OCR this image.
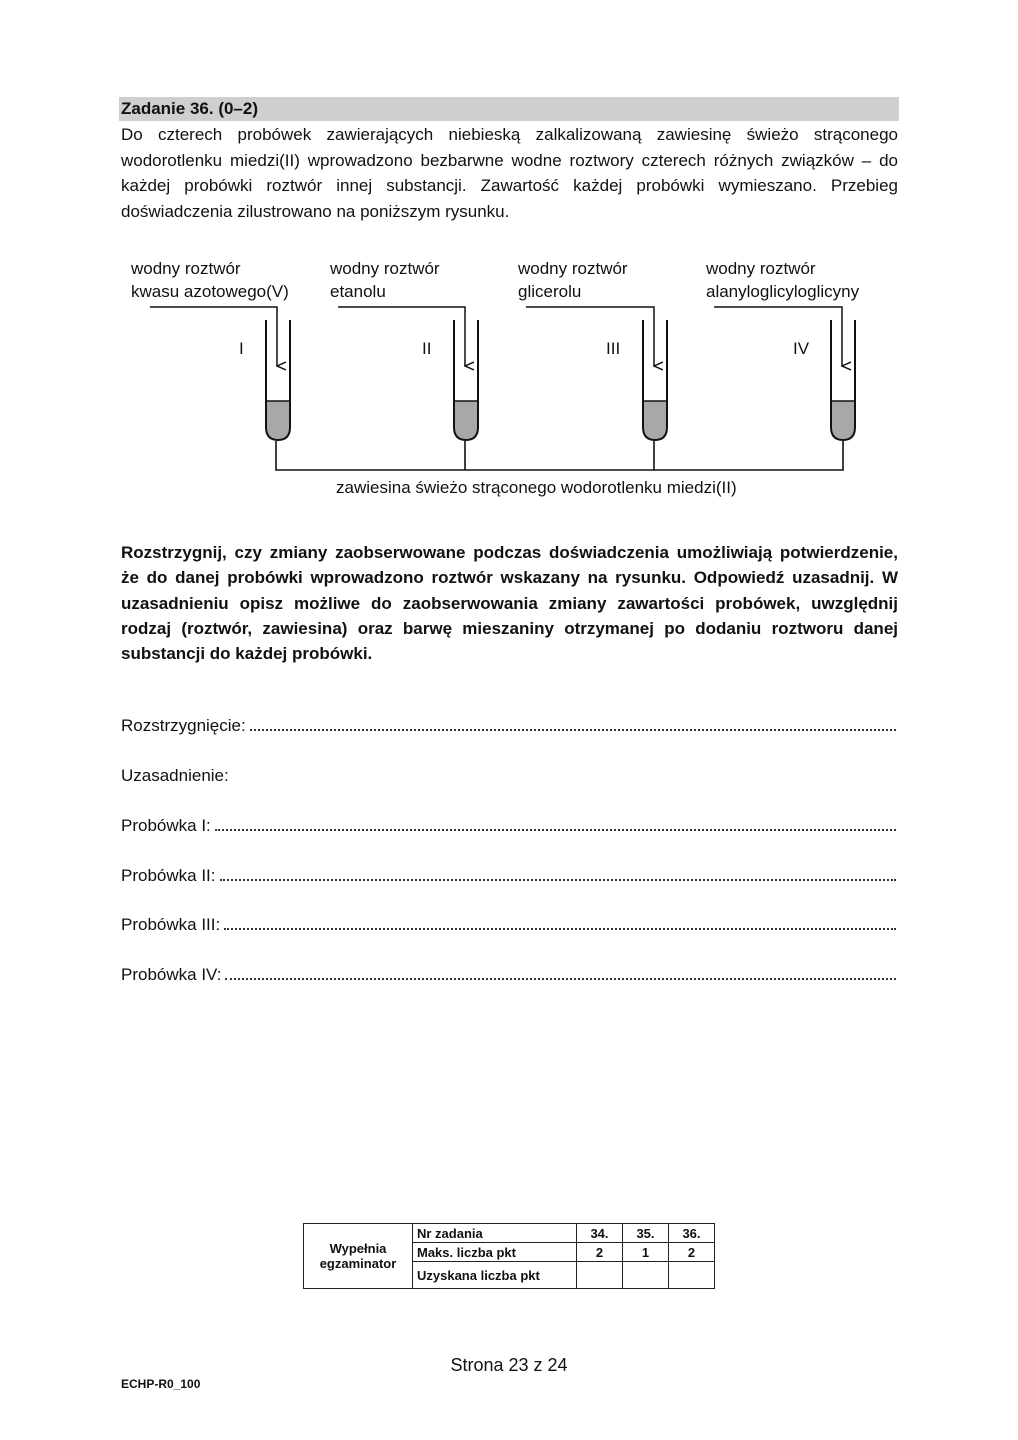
Zadanie 36. (0–2)
Do czterech probówek zawierających niebieską zalkalizowaną zawiesinę świeżo strąconego wodorotlenku miedzi(II) wprowadzono bezbarwne wodne roztwory czterech różnych związków – do każdej probówki roztwór innej substancji. Zawartość każdej probówki wymieszano. Przebieg doświadczenia zilustrowano na poniższym rysunku.
wodny roztwór
kwasu azotowego(V)
wodny roztwór
etanolu
wodny roztwór
glicerolu
wodny roztwór
alanyloglicyloglicyny
I	II	III	IV
zawiesina świeżo strąconego wodorotlenku miedzi(II)
Rozstrzygnij, czy zmiany zaobserwowane podczas doświadczenia umożliwiają potwierdzenie, że do danej probówki wprowadzono roztwór wskazany na rysunku. Odpowiedź uzasadnij. W uzasadnieniu opisz możliwe do zaobserwowania zmiany zawartości probówek, uwzględnij rodzaj (roztwór, zawiesina) oraz barwę mieszaniny otrzymanej po dodaniu roztworu danej substancji do każdej probówki.
Rozstrzygnięcie:
Uzasadnienie:
Probówka I:
Probówka II:
Probówka III:
Probówka IV:
Wypełnia
egzaminator	Nr zadania	34.	35.	36.
	Maks. liczba pkt	2	1	2
	Uzyskana liczba pkt			
Strona 23 z 24
ECHP-R0_100
